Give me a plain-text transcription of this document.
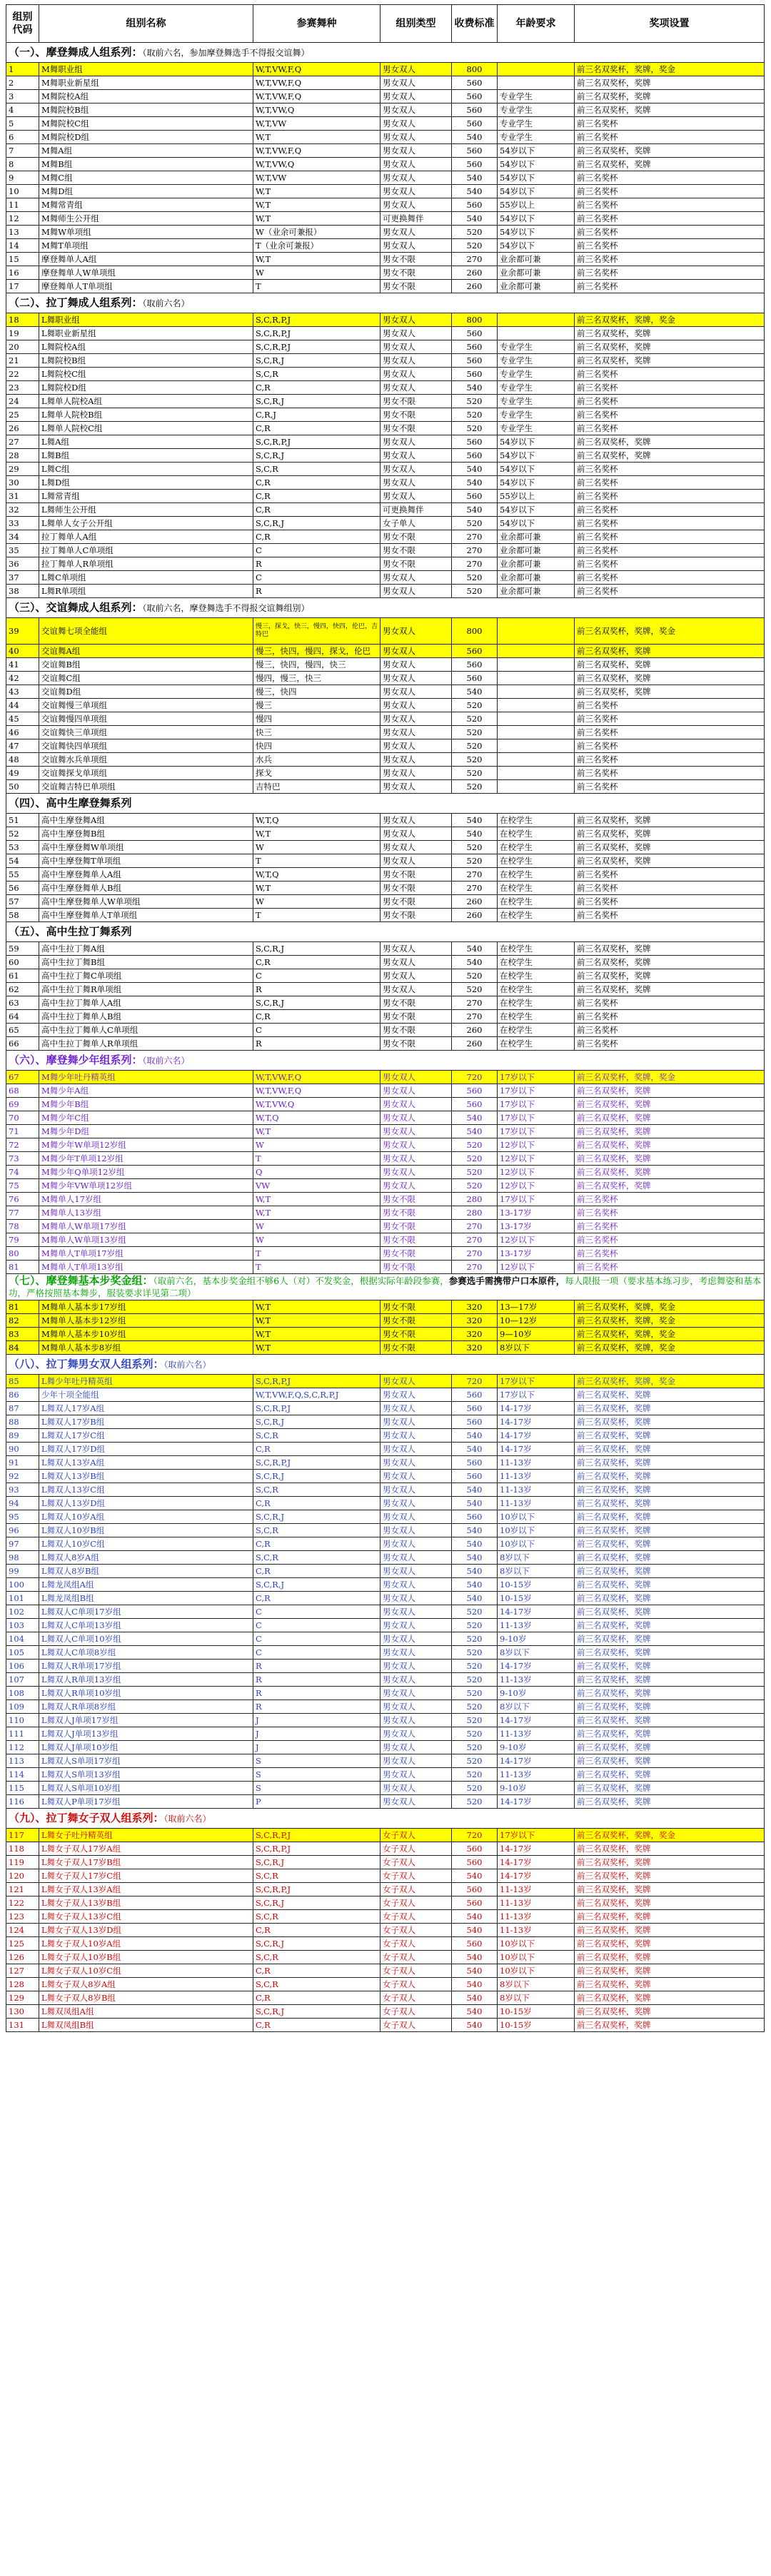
组别代码	组别名称	参赛舞种	组别类型	收费标准	年龄要求	奖项设置
（一）、摩登舞成人组系列：（取前六名，参加摩登舞选手不得报交谊舞）						
1	M舞职业组	W,T,VW,F,Q	男女双人	800		前三名双奖杯，奖牌，奖金
2	M舞职业新星组	W,T,VW,F,Q	男女双人	560		前三名双奖杯，奖牌
3	M舞院校A组	W,T,VW,F,Q	男女双人	560	专业学生	前三名双奖杯，奖牌
4	M舞院校B组	W,T,VW,Q	男女双人	560	专业学生	前三名双奖杯，奖牌
5	M舞院校C组	W,T,VW	男女双人	560	专业学生	前三名奖杯
6	M舞院校D组	W,T	男女双人	540	专业学生	前三名奖杯
7	M舞A组	W,T,VW,F,Q	男女双人	560	54岁以下	前三名双奖杯，奖牌
8	M舞B组	W,T,VW,Q	男女双人	560	54岁以下	前三名双奖杯，奖牌
9	M舞C组	W,T,VW	男女双人	540	54岁以下	前三名奖杯
10	M舞D组	W,T	男女双人	540	54岁以下	前三名奖杯
11	M舞常青组	W,T	男女双人	560	55岁以上	前三名奖杯
12	M舞师生公开组	W,T	可更换舞伴	540	54岁以下	前三名奖杯
13	M舞W单项组	W（业余可兼报）	男女双人	520	54岁以下	前三名奖杯
14	M舞T单项组	T（业余可兼报）	男女双人	520	54岁以下	前三名奖杯
15	摩登舞单人A组	W,T	男女不限	270	业余都可兼	前三名奖杯
16	摩登舞单人W单项组	W	男女不限	260	业余都可兼	前三名奖杯
17	摩登舞单人T单项组	T	男女不限	260	业余都可兼	前三名奖杯
（二）、拉丁舞成人组系列：（取前六名）						
18	L舞职业组	S,C,R,P,J	男女双人	800		前三名双奖杯，奖牌，奖金
19	L舞职业新星组	S,C,R,P,J	男女双人	560		前三名双奖杯，奖牌
20	L舞院校A组	S,C,R,P,J	男女双人	560	专业学生	前三名双奖杯，奖牌
21	L舞院校B组	S,C,R,J	男女双人	560	专业学生	前三名双奖杯，奖牌
22	L舞院校C组	S,C,R	男女双人	560	专业学生	前三名奖杯
23	L舞院校D组	C,R	男女双人	540	专业学生	前三名奖杯
24	L舞单人院校A组	S,C,R,J	男女不限	520	专业学生	前三名奖杯
25	L舞单人院校B组	C,R,J	男女不限	520	专业学生	前三名奖杯
26	L舞单人院校C组	C,R	男女不限	520	专业学生	前三名奖杯
27	L舞A组	S,C,R,P,J	男女双人	560	54岁以下	前三名双奖杯，奖牌
28	L舞B组	S,C,R,J	男女双人	560	54岁以下	前三名双奖杯，奖牌
29	L舞C组	S,C,R	男女双人	540	54岁以下	前三名奖杯
30	L舞D组	C,R	男女双人	540	54岁以下	前三名奖杯
31	L舞常青组	C,R	男女双人	560	55岁以上	前三名奖杯
32	L舞师生公开组	C,R	可更换舞伴	540	54岁以下	前三名奖杯
33	L舞单人女子公开组	S,C,R,J	女子单人	520	54岁以下	前三名奖杯
34	拉丁舞单人A组	C,R	男女不限	270	业余都可兼	前三名奖杯
35	拉丁舞单人C单项组	C	男女不限	270	业余都可兼	前三名奖杯
36	拉丁舞单人R单项组	R	男女不限	270	业余都可兼	前三名奖杯
37	L舞C单项组	C	男女双人	520	业余都可兼	前三名奖杯
38	L舞R单项组	R	男女双人	520	业余都可兼	前三名奖杯
（三）、交谊舞成人组系列：（取前六名，摩登舞选手不得报交谊舞组别）						
39	交谊舞七项全能组	慢三，探戈，快三，慢四，快四，伦巴，吉特巴	男女双人	800		前三名双奖杯，奖牌，奖金
40	交谊舞A组	慢三，快四，慢四，探戈，伦巴	男女双人	560		前三名双奖杯，奖牌
41	交谊舞B组	慢三，快四，慢四，快三	男女双人	560		前三名双奖杯，奖牌
42	交谊舞C组	慢四，慢三，快三	男女双人	560		前三名双奖杯，奖牌
43	交谊舞D组	慢三，快四	男女双人	540		前三名双奖杯，奖牌
44	交谊舞慢三单项组	慢三	男女双人	520		前三名奖杯
45	交谊舞慢四单项组	慢四	男女双人	520		前三名奖杯
46	交谊舞快三单项组	快三	男女双人	520		前三名奖杯
47	交谊舞快四单项组	快四	男女双人	520		前三名奖杯
48	交谊舞水兵单项组	水兵	男女双人	520		前三名奖杯
49	交谊舞探戈单项组	探戈	男女双人	520		前三名奖杯
50	交谊舞吉特巴单项组	吉特巴	男女双人	520		前三名奖杯
（四）、高中生摩登舞系列						
51	高中生摩登舞A组	W,T,Q	男女双人	540	在校学生	前三名双奖杯，奖牌
52	高中生摩登舞B组	W,T	男女双人	540	在校学生	前三名双奖杯，奖牌
53	高中生摩登舞W单项组	W	男女双人	520	在校学生	前三名双奖杯，奖牌
54	高中生摩登舞T单项组	T	男女双人	520	在校学生	前三名双奖杯，奖牌
55	高中生摩登舞单人A组	W,T,Q	男女不限	270	在校学生	前三名奖杯
56	高中生摩登舞单人B组	W,T	男女不限	270	在校学生	前三名奖杯
57	高中生摩登舞单人W单项组	W	男女不限	260	在校学生	前三名奖杯
58	高中生摩登舞单人T单项组	T	男女不限	260	在校学生	前三名奖杯
（五）、高中生拉丁舞系列						
59	高中生拉丁舞A组	S,C,R,J	男女双人	540	在校学生	前三名双奖杯，奖牌
60	高中生拉丁舞B组	C,R	男女双人	540	在校学生	前三名双奖杯，奖牌
61	高中生拉丁舞C单项组	C	男女双人	520	在校学生	前三名双奖杯，奖牌
62	高中生拉丁舞R单项组	R	男女双人	520	在校学生	前三名双奖杯，奖牌
63	高中生拉丁舞单人A组	S,C,R,J	男女不限	270	在校学生	前三名奖杯
64	高中生拉丁舞单人B组	C,R	男女不限	270	在校学生	前三名奖杯
65	高中生拉丁舞单人C单项组	C	男女不限	260	在校学生	前三名奖杯
66	高中生拉丁舞单人R单项组	R	男女不限	260	在校学生	前三名奖杯
（六）、摩登舞少年组系列：（取前六名）						
67	M舞少年吐丹精英组	W,T,VW,F,Q	男女双人	720	17岁以下	前三名双奖杯，奖牌，奖金
68	M舞少年A组	W,T,VW,F,Q	男女双人	560	17岁以下	前三名双奖杯，奖牌
69	M舞少年B组	W,T,VW,Q	男女双人	560	17岁以下	前三名双奖杯，奖牌
70	M舞少年C组	W,T,Q	男女双人	540	17岁以下	前三名双奖杯，奖牌
71	M舞少年D组	W,T	男女双人	540	17岁以下	前三名双奖杯，奖牌
72	M舞少年W单项12岁组	W	男女双人	520	12岁以下	前三名双奖杯，奖牌
73	M舞少年T单项12岁组	T	男女双人	520	12岁以下	前三名双奖杯，奖牌
74	M舞少年Q单项12岁组	Q	男女双人	520	12岁以下	前三名双奖杯，奖牌
75	M舞少年VW单项12岁组	VW	男女双人	520	12岁以下	前三名双奖杯，奖牌
76	M舞单人17岁组	W,T	男女不限	280	17岁以下	前三名奖杯
77	M舞单人13岁组	W,T	男女不限	280	13-17岁	前三名奖杯
78	M舞单人W单项17岁组	W	男女不限	270	13-17岁	前三名奖杯
79	M舞单人W单项13岁组	W	男女不限	270	12岁以下	前三名奖杯
80	M舞单人T单项17岁组	T	男女不限	270	13-17岁	前三名奖杯
81	M舞单人T单项13岁组	T	男女不限	270	12岁以下	前三名奖杯
（七）、摩登舞基本步奖金组：（取前六名，基本步奖金组不够6人（对）不发奖金，根据实际年龄段参赛，参赛选手需携带户口本原件，每人限报一项（要求基本练习步，考虑舞姿和基本功，严格按照基本舞步，服装要求详见第二项）						
81	M舞单人基本步17岁组	W,T	男女不限	320	13—17岁	前三名双奖杯，奖牌，奖金
82	M舞单人基本步12岁组	W,T	男女不限	320	10—12岁	前三名双奖杯，奖牌，奖金
83	M舞单人基本步10岁组	W,T	男女不限	320	9—10岁	前三名双奖杯，奖牌，奖金
84	M舞单人基本步8岁组	W,T	男女不限	320	8岁以下	前三名双奖杯，奖牌，奖金
（八）、拉丁舞男女双人组系列：（取前六名）						
85	L舞少年吐丹精英组	S,C,R,P,J	男女双人	720	17岁以下	前三名双奖杯，奖牌，奖金
86	少年十项全能组	W,T,VW,F,Q,S,C,R,P,J	男女双人	560	17岁以下	前三名双奖杯，奖牌
87	L舞双人17岁A组	S,C,R,P,J	男女双人	560	14-17岁	前三名双奖杯，奖牌
88	L舞双人17岁B组	S,C,R,J	男女双人	560	14-17岁	前三名双奖杯，奖牌
89	L舞双人17岁C组	S,C,R	男女双人	540	14-17岁	前三名双奖杯，奖牌
90	L舞双人17岁D组	C,R	男女双人	540	14-17岁	前三名双奖杯，奖牌
91	L舞双人13岁A组	S,C,R,P,J	男女双人	560	11-13岁	前三名双奖杯，奖牌
92	L舞双人13岁B组	S,C,R,J	男女双人	560	11-13岁	前三名双奖杯，奖牌
93	L舞双人13岁C组	S,C,R	男女双人	540	11-13岁	前三名双奖杯，奖牌
94	L舞双人13岁D组	C,R	男女双人	540	11-13岁	前三名双奖杯，奖牌
95	L舞双人10岁A组	S,C,R,J	男女双人	560	10岁以下	前三名双奖杯，奖牌
96	L舞双人10岁B组	S,C,R	男女双人	540	10岁以下	前三名双奖杯，奖牌
97	L舞双人10岁C组	C,R	男女双人	540	10岁以下	前三名双奖杯，奖牌
98	L舞双人8岁A组	S,C,R	男女双人	540	8岁以下	前三名双奖杯，奖牌
99	L舞双人8岁B组	C,R	男女双人	540	8岁以下	前三名双奖杯，奖牌
100	L舞龙凤组A组	S,C,R,J	男女双人	540	10-15岁	前三名双奖杯，奖牌
101	L舞龙凤组B组	C,R	男女双人	540	10-15岁	前三名双奖杯，奖牌
102	L舞双人C单项17岁组	C	男女双人	520	14-17岁	前三名双奖杯，奖牌
103	L舞双人C单项13岁组	C	男女双人	520	11-13岁	前三名双奖杯，奖牌
104	L舞双人C单项10岁组	C	男女双人	520	9-10岁	前三名双奖杯，奖牌
105	L舞双人C单项8岁组	C	男女双人	520	8岁以下	前三名双奖杯，奖牌
106	L舞双人R单项17岁组	R	男女双人	520	14-17岁	前三名双奖杯，奖牌
107	L舞双人R单项13岁组	R	男女双人	520	11-13岁	前三名双奖杯，奖牌
108	L舞双人R单项10岁组	R	男女双人	520	9-10岁	前三名双奖杯，奖牌
109	L舞双人R单项8岁组	R	男女双人	520	8岁以下	前三名双奖杯，奖牌
110	L舞双人J单项17岁组	J	男女双人	520	14-17岁	前三名双奖杯，奖牌
111	L舞双人J单项13岁组	J	男女双人	520	11-13岁	前三名双奖杯，奖牌
112	L舞双人J单项10岁组	J	男女双人	520	9-10岁	前三名双奖杯，奖牌
113	L舞双人S单项17岁组	S	男女双人	520	14-17岁	前三名双奖杯，奖牌
114	L舞双人S单项13岁组	S	男女双人	520	11-13岁	前三名双奖杯，奖牌
115	L舞双人S单项10岁组	S	男女双人	520	9-10岁	前三名双奖杯，奖牌
116	L舞双人P单项17岁组	P	男女双人	520	14-17岁	前三名双奖杯，奖牌
（九）、拉丁舞女子双人组系列：（取前六名）						
117	L舞女子吐丹精英组	S,C,R,P,J	女子双人	720	17岁以下	前三名双奖杯，奖牌，奖金
118	L舞女子双人17岁A组	S,C,R,P,J	女子双人	560	14-17岁	前三名双奖杯，奖牌
119	L舞女子双人17岁B组	S,C,R,J	女子双人	560	14-17岁	前三名双奖杯，奖牌
120	L舞女子双人17岁C组	S,C,R	女子双人	540	14-17岁	前三名双奖杯，奖牌
121	L舞女子双人13岁A组	S,C,R,P,J	女子双人	560	11-13岁	前三名双奖杯，奖牌
122	L舞女子双人13岁B组	S,C,R,J	女子双人	560	11-13岁	前三名双奖杯，奖牌
123	L舞女子双人13岁C组	S,C,R	女子双人	540	11-13岁	前三名双奖杯，奖牌
124	L舞女子双人13岁D组	C,R	女子双人	540	11-13岁	前三名双奖杯，奖牌
125	L舞女子双人10岁A组	S,C,R,J	女子双人	560	10岁以下	前三名双奖杯，奖牌
126	L舞女子双人10岁B组	S,C,R	女子双人	540	10岁以下	前三名双奖杯，奖牌
127	L舞女子双人10岁C组	C,R	女子双人	540	10岁以下	前三名双奖杯，奖牌
128	L舞女子双人8岁A组	S,C,R	女子双人	540	8岁以下	前三名双奖杯，奖牌
129	L舞女子双人8岁B组	C,R	女子双人	540	8岁以下	前三名双奖杯，奖牌
130	L舞双凤组A组	S,C,R,J	女子双人	540	10-15岁	前三名双奖杯，奖牌
131	L舞双凤组B组	C,R	女子双人	540	10-15岁	前三名双奖杯，奖牌
